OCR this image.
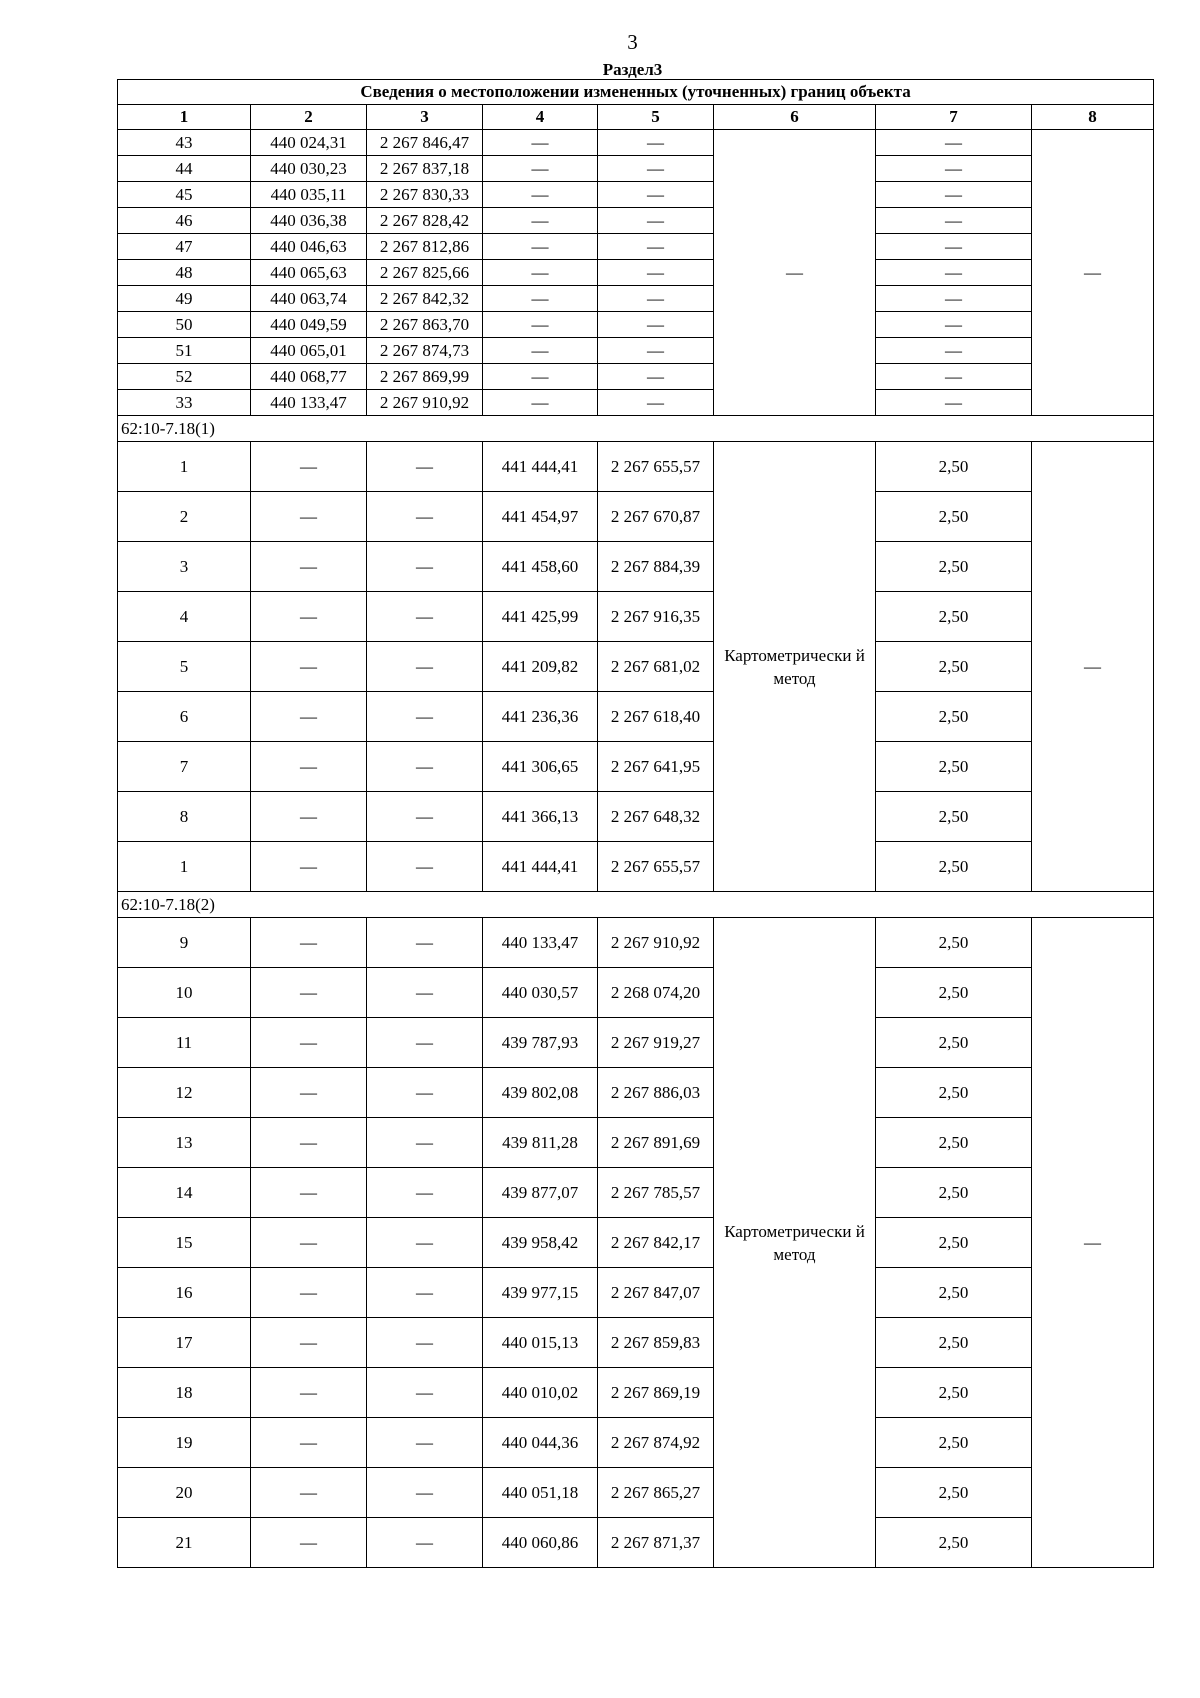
3
Раздел3
Сведения о местоположении измененных (уточненных) границ объекта							
1	2	3	4	5	6	7	8
43	440 024,31	2 267 846,47	—	—	—	—	—
44	440 030,23	2 267 837,18	—	—		—	
45	440 035,11	2 267 830,33	—	—		—	
46	440 036,38	2 267 828,42	—	—		—	
47	440 046,63	2 267 812,86	—	—		—	
48	440 065,63	2 267 825,66	—	—		—	
49	440 063,74	2 267 842,32	—	—		—	
50	440 049,59	2 267 863,70	—	—		—	
51	440 065,01	2 267 874,73	—	—		—	
52	440 068,77	2 267 869,99	—	—		—	
33	440 133,47	2 267 910,92	—	—		—	
62:10-7.18(1)							
1	—	—	441 444,41	2 267 655,57	Картометрически й метод	2,50	—
2	—	—	441 454,97	2 267 670,87		2,50	
3	—	—	441 458,60	2 267 884,39		2,50	
4	—	—	441 425,99	2 267 916,35		2,50	
5	—	—	441 209,82	2 267 681,02		2,50	
6	—	—	441 236,36	2 267 618,40		2,50	
7	—	—	441 306,65	2 267 641,95		2,50	
8	—	—	441 366,13	2 267 648,32		2,50	
1	—	—	441 444,41	2 267 655,57		2,50	
62:10-7.18(2)							
9	—	—	440 133,47	2 267 910,92	Картометрически й метод	2,50	—
10	—	—	440 030,57	2 268 074,20		2,50	
11	—	—	439 787,93	2 267 919,27		2,50	
12	—	—	439 802,08	2 267 886,03		2,50	
13	—	—	439 811,28	2 267 891,69		2,50	
14	—	—	439 877,07	2 267 785,57		2,50	
15	—	—	439 958,42	2 267 842,17		2,50	
16	—	—	439 977,15	2 267 847,07		2,50	
17	—	—	440 015,13	2 267 859,83		2,50	
18	—	—	440 010,02	2 267 869,19		2,50	
19	—	—	440 044,36	2 267 874,92		2,50	
20	—	—	440 051,18	2 267 865,27		2,50	
21	—	—	440 060,86	2 267 871,37		2,50	
